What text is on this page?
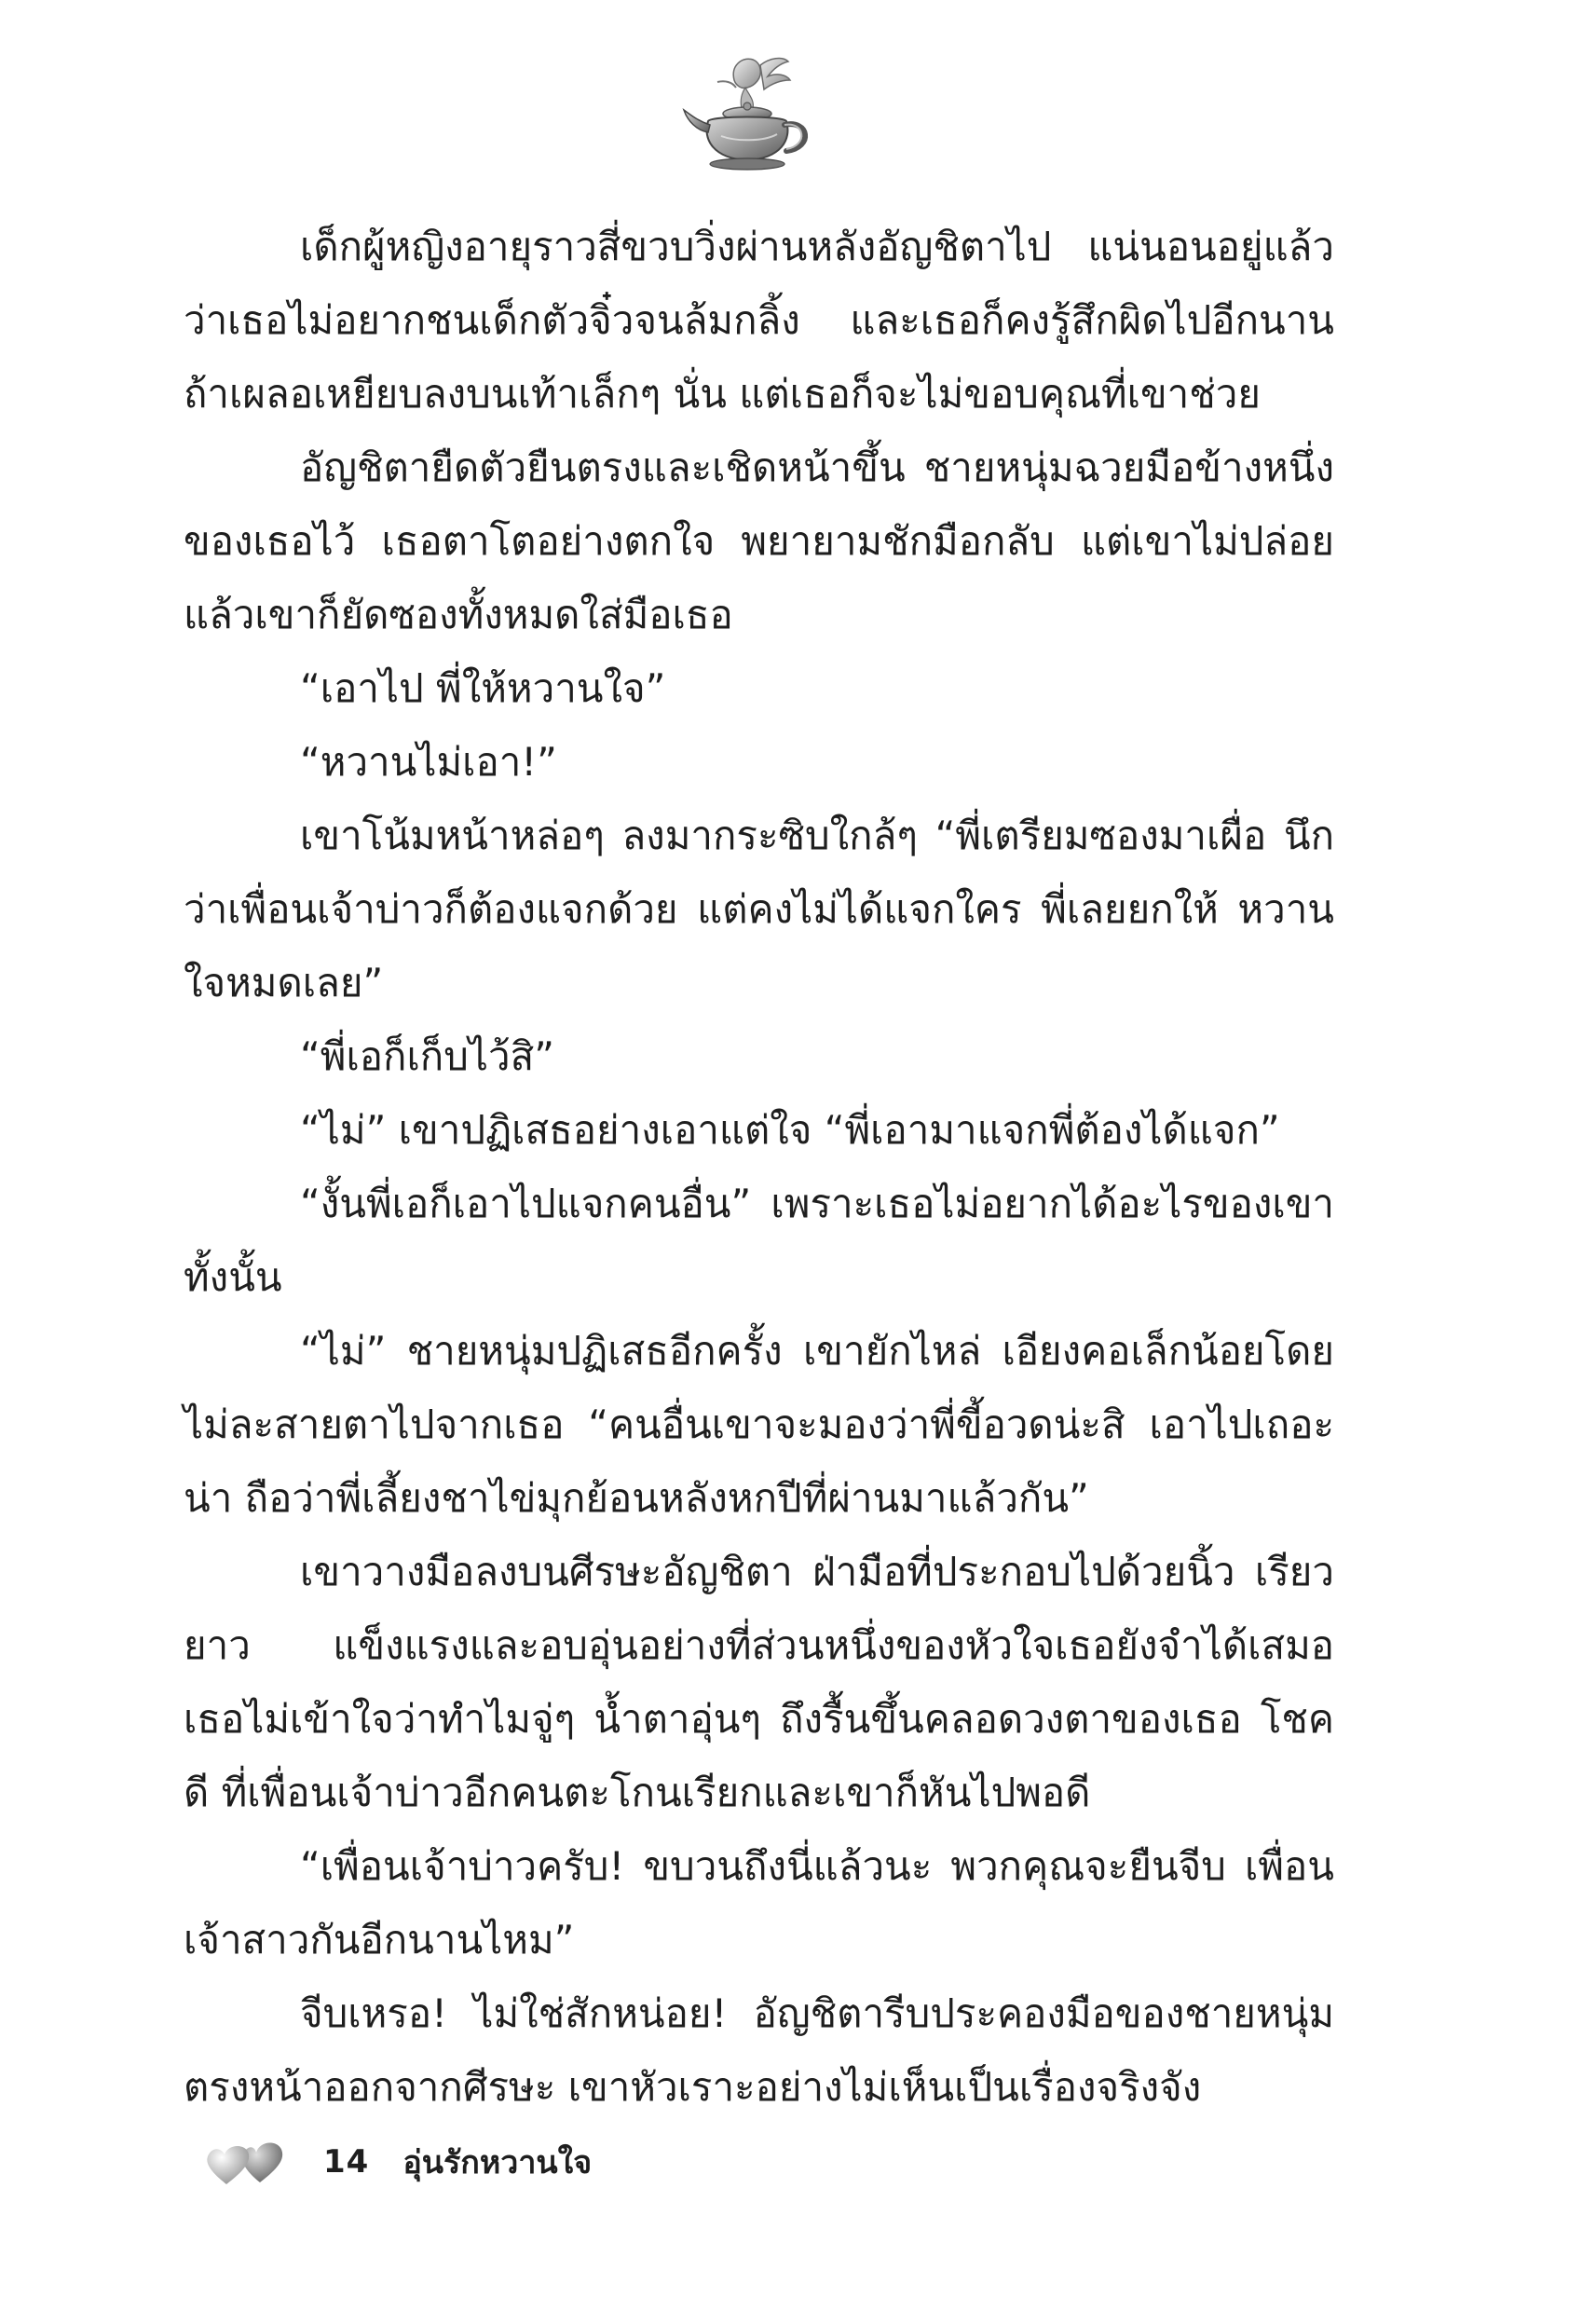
เด็กผู้หญิงอายุราวสี่ขวบวิ่งผ่านหลังอัญชิตาไป แน่นอนอยู่แล้ว ว่าเธอไม่อยากชนเด็กตัวจิ๋วจนล้มกลิ้ง และเธอก็คงรู้สึกผิดไปอีกนาน ถ้าเผลอเหยียบลงบนเท้าเล็กๆ นั่น แต่เธอก็จะไม่ขอบคุณที่เขาช่วย

อัญชิตายืดตัวยืนตรงและเชิดหน้าขึ้น ชายหนุ่มฉวยมือข้างหนึ่ง ของเธอไว้ เธอตาโตอย่างตกใจ พยายามชักมือกลับ แต่เขาไม่ปล่อย แล้วเขาก็ยัดซองทั้งหมดใส่มือเธอ

“เอาไป พี่ให้หวานใจ”

“หวานไม่เอา!”

เขาโน้มหน้าหล่อๆ ลงมากระซิบใกล้ๆ “พี่เตรียมซองมาเผื่อ นึกว่าเพื่อนเจ้าบ่าวก็ต้องแจกด้วย แต่คงไม่ได้แจกใคร พี่เลยยกให้ หวานใจหมดเลย”

“พี่เอก็เก็บไว้สิ”

“ไม่” เขาปฏิเสธอย่างเอาแต่ใจ “พี่เอามาแจกพี่ต้องได้แจก”

“งั้นพี่เอก็เอาไปแจกคนอื่น” เพราะเธอไม่อยากได้อะไรของเขา ทั้งนั้น

“ไม่” ชายหนุ่มปฏิเสธอีกครั้ง เขายักไหล่ เอียงคอเล็กน้อยโดย ไม่ละสายตาไปจากเธอ “คนอื่นเขาจะมองว่าพี่ขี้อวดน่ะสิ เอาไปเถอะน่า ถือว่าพี่เลี้ยงชาไข่มุกย้อนหลังหกปีที่ผ่านมาแล้วกัน”

เขาวางมือลงบนศีรษะอัญชิตา ฝ่ามือที่ประกอบไปด้วยนิ้ว เรียวยาว แข็งแรงและอบอุ่นอย่างที่ส่วนหนึ่งของหัวใจเธอยังจำได้เสมอ เธอไม่เข้าใจว่าทำไมจู่ๆ น้ำตาอุ่นๆ ถึงรื้นขึ้นคลอดวงตาของเธอ โชคดี ที่เพื่อนเจ้าบ่าวอีกคนตะโกนเรียกและเขาก็หันไปพอดี

“เพื่อนเจ้าบ่าวครับ! ขบวนถึงนี่แล้วนะ พวกคุณจะยืนจีบ เพื่อนเจ้าสาวกันอีกนานไหม”

จีบเหรอ! ไม่ใช่สักหน่อย! อัญชิตารีบประคองมือของชายหนุ่ม ตรงหน้าออกจากศีรษะ เขาหัวเราะอย่างไม่เห็นเป็นเรื่องจริงจัง

14 อุ่นรักหวานใจ
